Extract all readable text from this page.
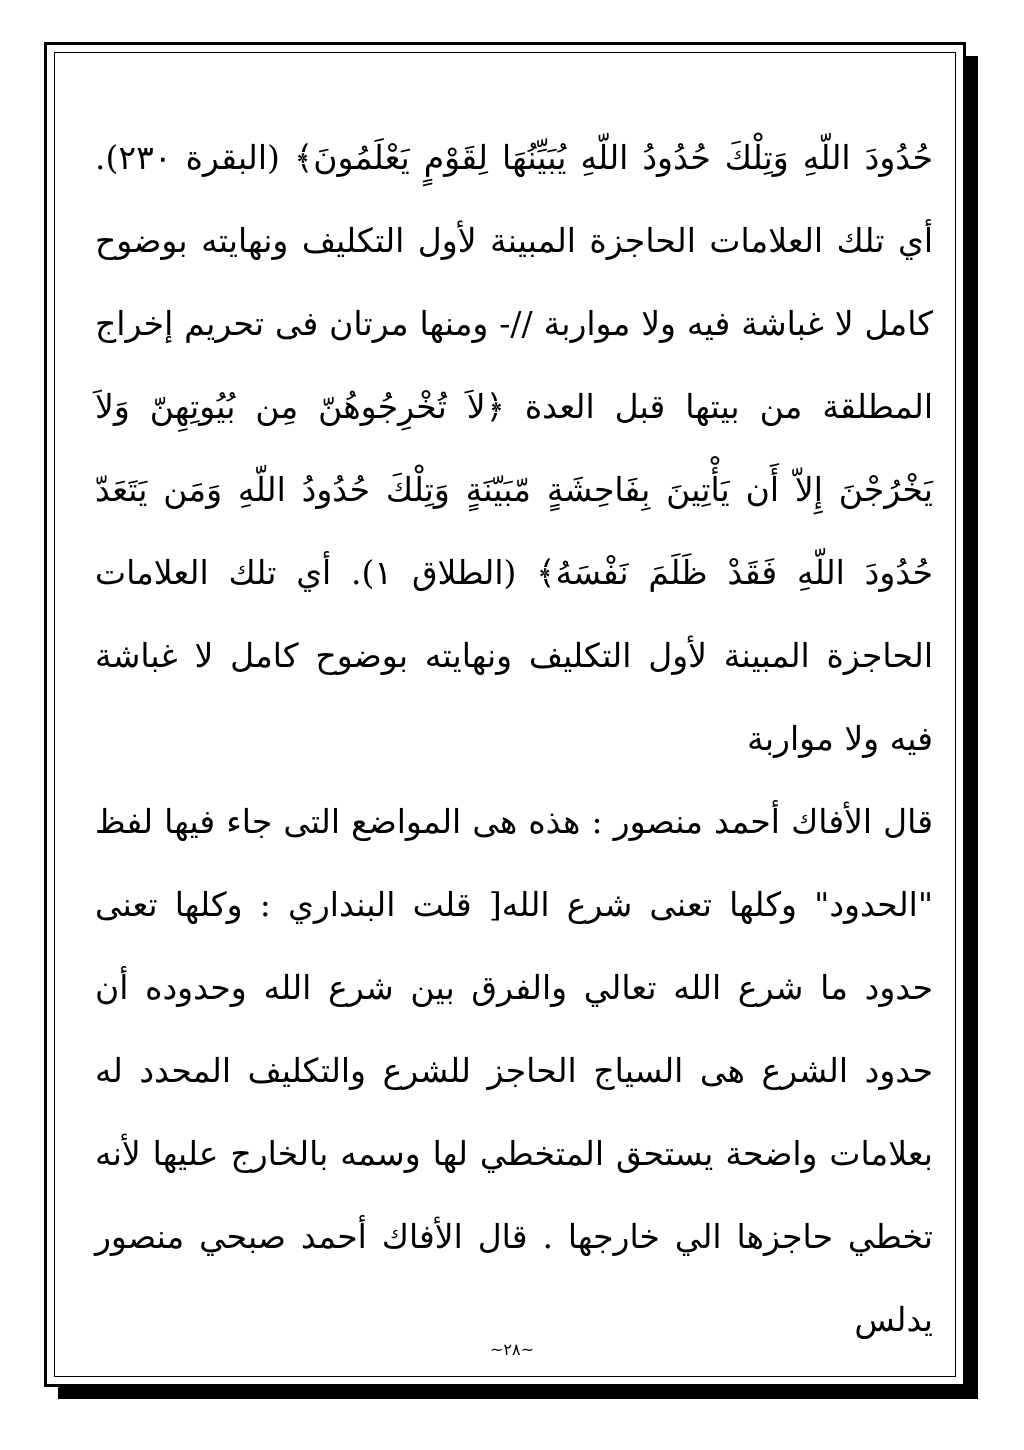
حُدُودَ اللّهِ وَتِلْكَ حُدُودُ اللّهِ يُبَيِّنُهَا لِقَوْمٍ يَعْلَمُونَ﴾ (البقرة ٢٣٠). أي تلك العلامات الحاجزة المبينة لأول التكليف ونهايته بوضوح كامل لا غباشة فيه ولا مواربة //- ومنها مرتان فى تحريم إخراج المطلقة من بيتها قبل العدة ﴿لاَ تُخْرِجُوهُنّ مِن بُيُوتِهِنّ وَلاَ يَخْرُجْنَ إِلاّ أَن يَأْتِينَ بِفَاحِشَةٍ مّبَيّنَةٍ وَتِلْكَ حُدُودُ اللّهِ وَمَن يَتَعَدّ حُدُودَ اللّهِ فَقَدْ ظَلَمَ نَفْسَهُ﴾ (الطلاق ١). أي تلك العلامات الحاجزة المبينة لأول التكليف ونهايته بوضوح كامل لا غباشة فيه ولا مواربة

قال الأفاك أحمد منصور : هذه هى المواضع التى جاء فيها لفظ "الحدود" وكلها تعنى شرع الله[ قلت البنداري : وكلها تعنى حدود ما شرع الله تعالي والفرق بين شرع الله وحدوده أن حدود الشرع هى السياج الحاجز للشرع والتكليف المحدد له بعلامات واضحة يستحق المتخطي لها وسمه بالخارج عليها لأنه تخطي حاجزها الي خارجها . قال الأفاك أحمد صبحي منصور يدلس

~٢٨~
